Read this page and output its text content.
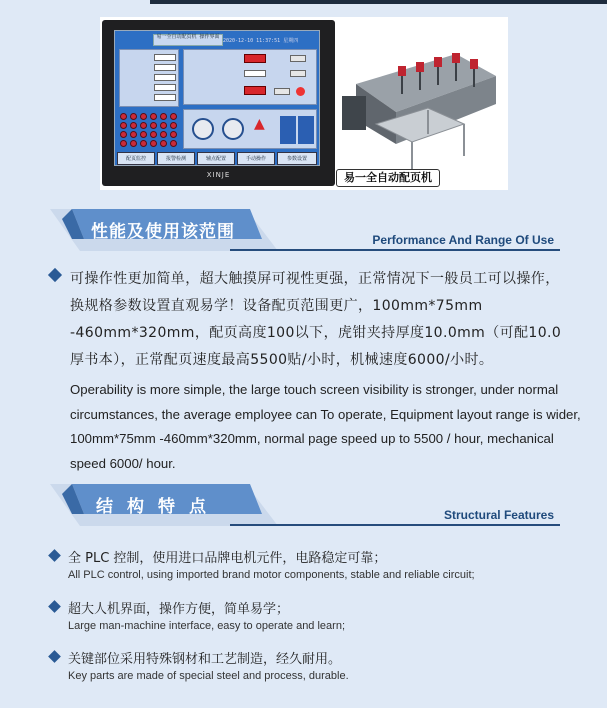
易一全自动配页机 操作界面
2020-12-10 11:37:51 星期四
▲
配页监控	报警检测	辅点配置	手动操作	参数设置
XINJE	易一全自动配页机
性能及使用该范围	Performance And Range Of Use
可操作性更加简单，超大触摸屏可视性更强，正常情况下一般员工可以操作，换规格参数设置直观易学！设备配页范围更广，100mm*75mm -460mm*320mm，配页高度100以下，虎钳夹持厚度10.0mm（可配10.0厚书本），正常配页速度最高5500贴/小时，机械速度6000/小时。
Operability is more simple, the large touch screen visibility is stronger, under normal circumstances, the average employee can To operate, Equipment layout range is wider, 100mm*75mm -460mm*320mm, normal page speed up to 5500 / hour, mechanical speed 6000/ hour.
结构特点	Structural Features
全 PLC 控制，使用进口品牌电机元件，电路稳定可靠；
All PLC control, using imported brand motor components, stable and reliable circuit;
超大人机界面，操作方便，简单易学；
Large man-machine interface, easy to operate and learn;
关键部位采用特殊钢材和工艺制造，经久耐用。
Key parts are made of special steel and process, durable.
